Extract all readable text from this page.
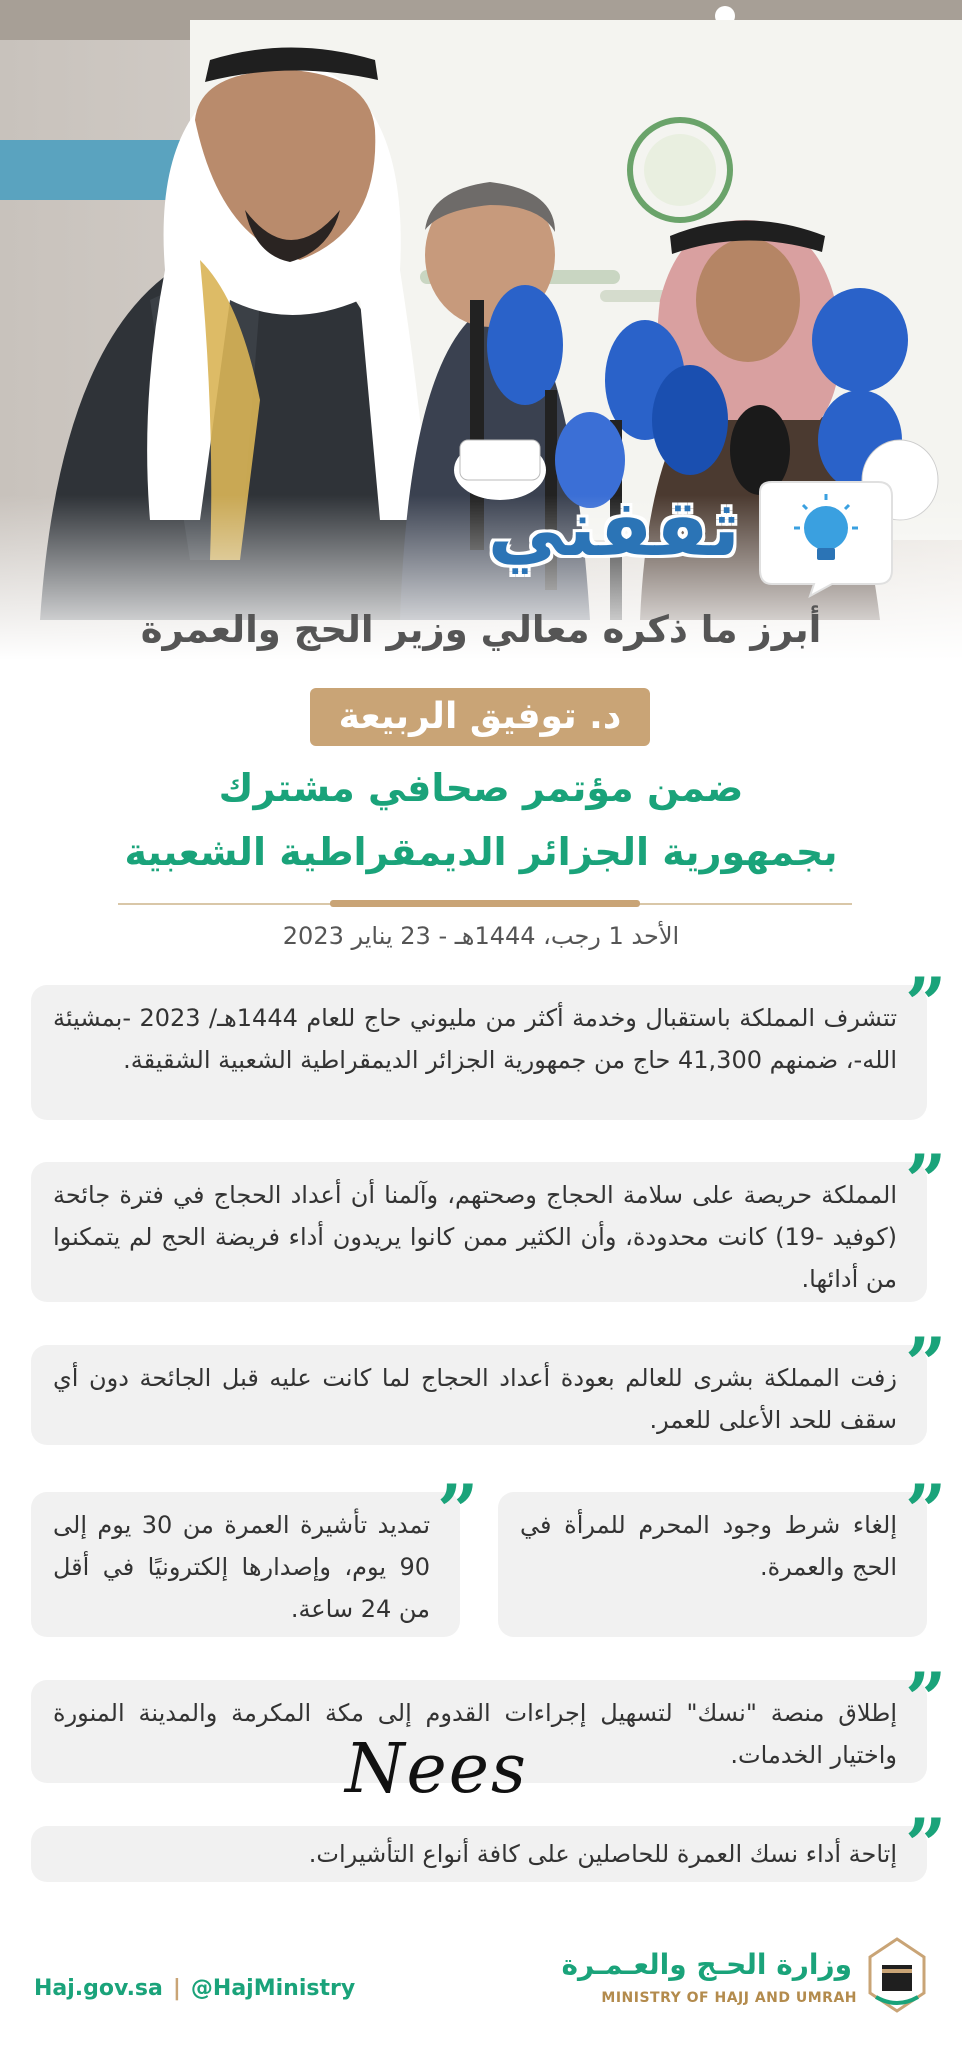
ثقفني
أبرز ما ذكره معالي وزير الحج والعمرة
د. توفيق الربيعة
ضمن مؤتمر صحافي مشترك
بجمهورية الجزائر الديمقراطية الشعبية
الأحد 1 رجب، 1444هـ - 23 يناير 2023
تتشرف المملكة باستقبال وخدمة أكثر من مليوني حاج للعام 1444هـ/ 2023 -بمشيئة الله-، ضمنهم 41,300 حاج من جمهورية الجزائر الديمقراطية الشعبية الشقيقة.
”
المملكة حريصة على سلامة الحجاج وصحتهم، وآلمنا أن أعداد الحجاج في فترة جائحة (كوفيد -19) كانت محدودة، وأن الكثير ممن كانوا يريدون أداء فريضة الحج لم يتمكنوا من أدائها.
”
زفت المملكة بشرى للعالم بعودة أعداد الحجاج لما كانت عليه قبل الجائحة دون أي سقف للحد الأعلى للعمر.
”
إلغاء شرط وجود المحرم للمرأة في الحج والعمرة.
”
تمديد تأشيرة العمرة من 30 يوم إلى 90 يوم، وإصدارها إلكترونيًا في أقل من 24 ساعة.
”
إطلاق منصة "نسك" لتسهيل إجراءات القدوم إلى مكة المكرمة والمدينة المنورة واختيار الخدمات.
”
إتاحة أداء نسك العمرة للحاصلين على كافة أنواع التأشيرات. ”
Nees
Haj.gov.sa | @HajMinistry
وزارة الحـج والعـمـرة
MINISTRY OF HAJJ AND UMRAH
